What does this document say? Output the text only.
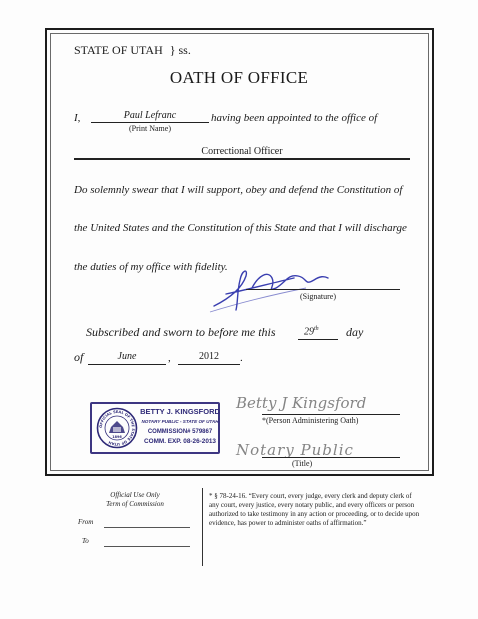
STATE OF UTAH } ss.
OATH OF OFFICE
I,	Paul Lefranc
(Print Name)
having been appointed to the office of
Correctional Officer
Do solemnly swear that I will support, obey and defend the Constitution of
the United States and the Constitution of this State and that I will discharge
the duties of my office with fidelity.
(Signature)
Subscribed and sworn to before me this	29th day
of	June	,	2012	.
OFFICIAL SEAL OF THE STATE OF UTAH
1896
BETTY J. KINGSFORD
NOTARY PUBLIC - STATE OF UTAH
COMMISSION# 579867
COMM. EXP. 08-26-2013
Betty J Kingsford
*(Person Administering Oath)
Notary Public
(Title)
Official Use Only
Term of Commission
From
To
* § 78-24-16. “Every court, every judge, every clerk and deputy clerk of any court, every justice, every notary public, and every officers or person authorized to take testimony in any action or proceeding, or to decide upon evidence, has power to administer oaths of affirmation.”
